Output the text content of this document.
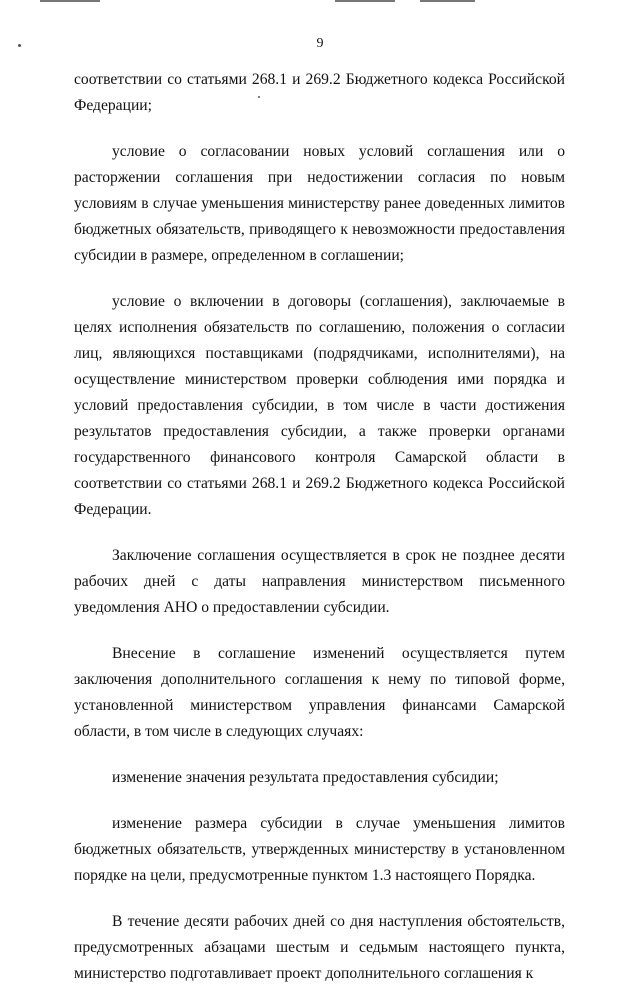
9

соответствии со статьями 268.1 и 269.2 Бюджетного кодекса Российской Федерации;

условие о согласовании новых условий соглашения или о расторжении соглашения при недостижении согласия по новым условиям в случае уменьшения министерству ранее доведенных лимитов бюджетных обязательств, приводящего к невозможности предоставления субсидии в размере, определенном в соглашении;

условие о включении в договоры (соглашения), заключаемые в целях исполнения обязательств по соглашению, положения о согласии лиц, являющихся поставщиками (подрядчиками, исполнителями), на осуществление министерством проверки соблюдения ими порядка и условий предоставления субсидии, в том числе в части достижения результатов предоставления субсидии, а также проверки органами государственного финансового контроля Самарской области в соответствии со статьями 268.1 и 269.2 Бюджетного кодекса Российской Федерации.

Заключение соглашения осуществляется в срок не позднее десяти рабочих дней с даты направления министерством письменного уведомления АНО о предоставлении субсидии.

Внесение в соглашение изменений осуществляется путем заключения дополнительного соглашения к нему по типовой форме, установленной министерством управления финансами Самарской области, в том числе в следующих случаях:

изменение значения результата предоставления субсидии;

изменение размера субсидии в случае уменьшения лимитов бюджетных обязательств, утвержденных министерству в установленном порядке на цели, предусмотренные пунктом 1.3 настоящего Порядка.

В течение десяти рабочих дней со дня наступления обстоятельств, предусмотренных абзацами шестым и седьмым настоящего пункта, министерство подготавливает проект дополнительного соглашения к
